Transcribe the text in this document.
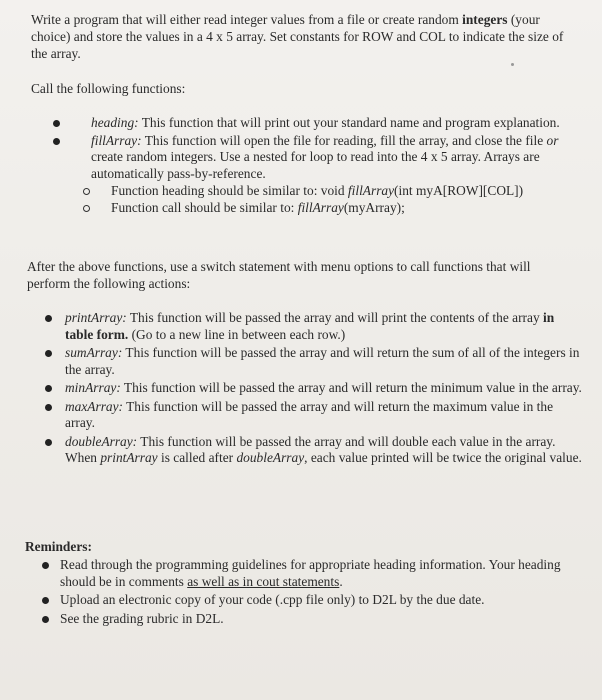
Write a program that will either read integer values from a file or create random integers (your choice) and store the values in a 4 x 5 array. Set constants for ROW and COL to indicate the size of the array.

Call the following functions:

heading: This function that will print out your standard name and program explanation.
fillArray: This function will open the file for reading, fill the array, and close the file or create random integers. Use a nested for loop to read into the 4 x 5 array. Arrays are automatically pass-by-reference.
Function heading should be similar to: void fillArray(int myA[ROW][COL])
Function call should be similar to: fillArray(myArray);

After the above functions, use a switch statement with menu options to call functions that will perform the following actions:

printArray: This function will be passed the array and will print the contents of the array in table form. (Go to a new line in between each row.)
sumArray: This function will be passed the array and will return the sum of all of the integers in the array.
minArray: This function will be passed the array and will return the minimum value in the array.
maxArray: This function will be passed the array and will return the maximum value in the array.
doubleArray: This function will be passed the array and will double each value in the array. When printArray is called after doubleArray, each value printed will be twice the original value.

Reminders:

Read through the programming guidelines for appropriate heading information. Your heading should be in comments as well as in cout statements.
Upload an electronic copy of your code (.cpp file only) to D2L by the due date.
See the grading rubric in D2L.
